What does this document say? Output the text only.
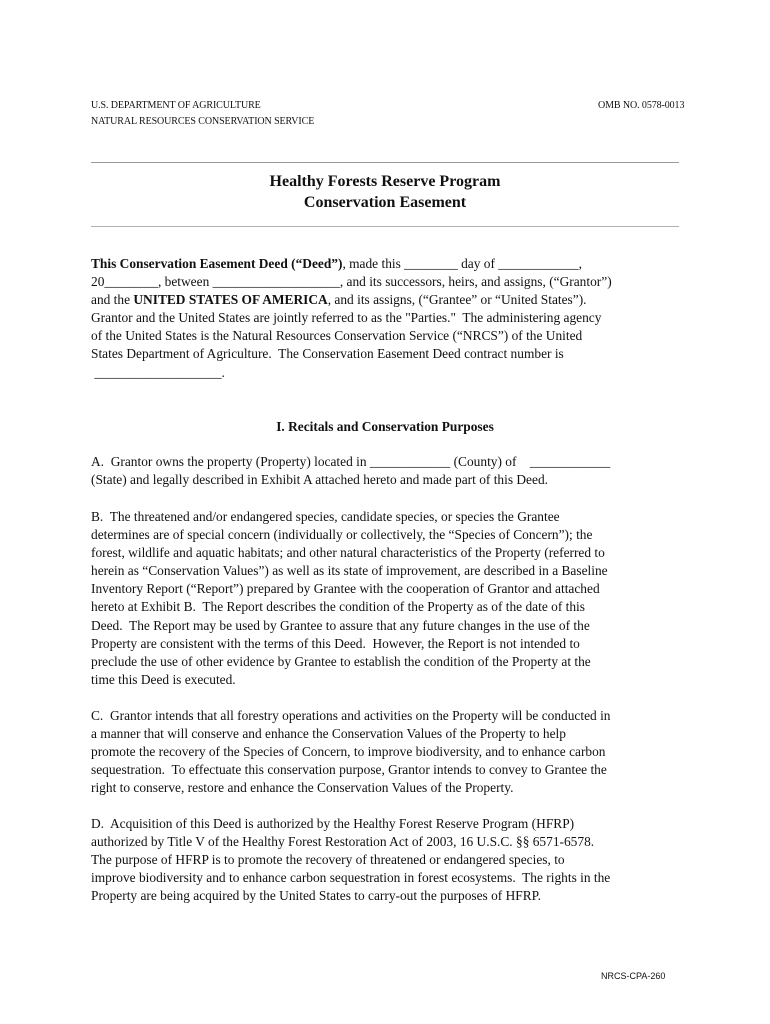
U.S. DEPARTMENT OF AGRICULTURE
NATURAL RESOURCES CONSERVATION SERVICE
OMB NO. 0578-0013
Healthy Forests Reserve Program
Conservation Easement
This Conservation Easement Deed (“Deed”), made this ________ day of ____________,
20________, between ___________________, and its successors, heirs, and assigns, (“Grantor”)
and the UNITED STATES OF AMERICA, and its assigns, (“Grantee” or “United States”).
Grantor and the United States are jointly referred to as the "Parties."  The administering agency
of the United States is the Natural Resources Conservation Service (“NRCS”) of the United
States Department of Agriculture.  The Conservation Easement Deed contract number is
___________________.
I. Recitals and Conservation Purposes
A.  Grantor owns the property (Property) located in ____________ (County) of    ____________
(State) and legally described in Exhibit A attached hereto and made part of this Deed.
B.  The threatened and/or endangered species, candidate species, or species the Grantee
determines are of special concern (individually or collectively, the “Species of Concern”); the
forest, wildlife and aquatic habitats; and other natural characteristics of the Property (referred to
herein as “Conservation Values”) as well as its state of improvement, are described in a Baseline
Inventory Report (“Report”) prepared by Grantee with the cooperation of Grantor and attached
hereto at Exhibit B.  The Report describes the condition of the Property as of the date of this
Deed.  The Report may be used by Grantee to assure that any future changes in the use of the
Property are consistent with the terms of this Deed.  However, the Report is not intended to
preclude the use of other evidence by Grantee to establish the condition of the Property at the
time this Deed is executed.
C.  Grantor intends that all forestry operations and activities on the Property will be conducted in
a manner that will conserve and enhance the Conservation Values of the Property to help
promote the recovery of the Species of Concern, to improve biodiversity, and to enhance carbon
sequestration.  To effectuate this conservation purpose, Grantor intends to convey to Grantee the
right to conserve, restore and enhance the Conservation Values of the Property.
D.  Acquisition of this Deed is authorized by the Healthy Forest Reserve Program (HFRP)
authorized by Title V of the Healthy Forest Restoration Act of 2003, 16 U.S.C. §§ 6571-6578.
The purpose of HFRP is to promote the recovery of threatened or endangered species, to
improve biodiversity and to enhance carbon sequestration in forest ecosystems.  The rights in the
Property are being acquired by the United States to carry-out the purposes of HFRP.
NRCS-CPA-260
